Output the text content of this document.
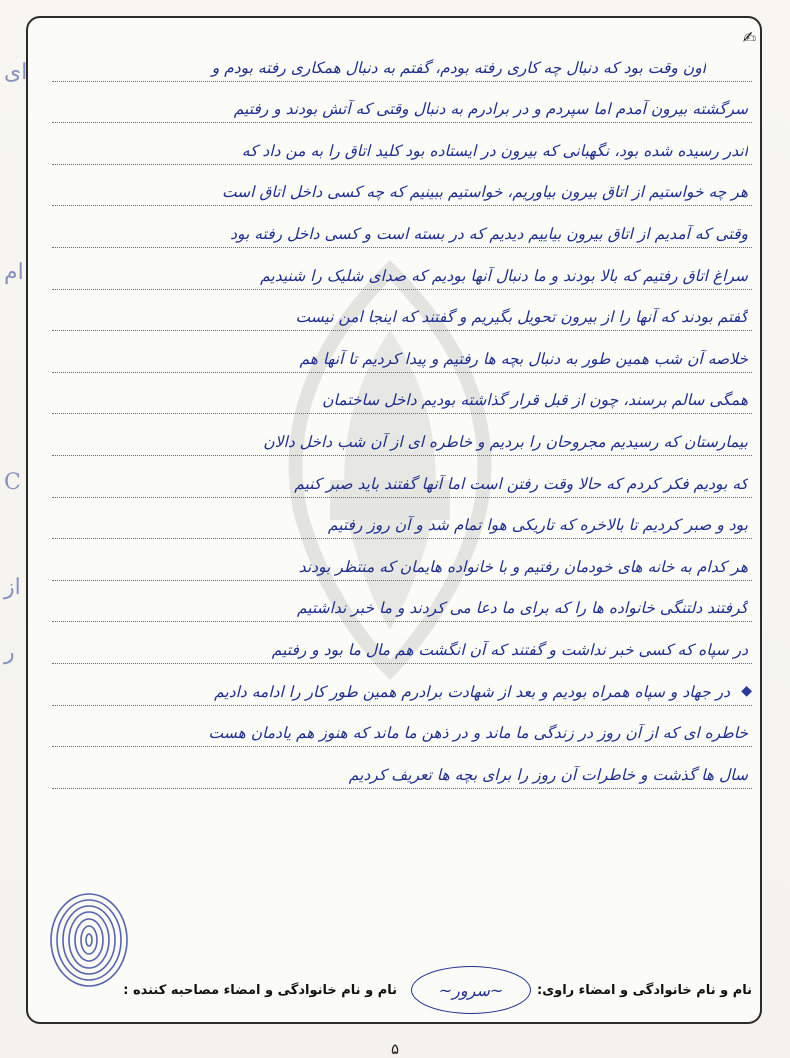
ای
ام
C
از
ر
✍
اون وقت بود که دنبال چه کاری رفته بودم، گفتم به دنبال همکاری رفته بودم و
سرگشته بیرون آمدم اما سپردم و در برادرم به دنبال وقتی که آتش بودند و رفتیم
اندر رسیده شده بود، نگهبانی که بیرون در ایستاده بود کلید اتاق را به من داد که
هر چه خواستیم از اتاق بیرون بیاوریم، خواستیم ببینیم که چه کسی داخل اتاق است
وقتی که آمدیم از اتاق بیرون بیاییم دیدیم که در بسته است و کسی داخل رفته بود
سراغ اتاق رفتیم که بالا بودند و ما دنبال آنها بودیم که صدای شلیک را شنیدیم
گفتم بودند که آنها را از بیرون تحویل بگیریم و گفتند که اینجا امن نیست
خلاصه آن شب همین طور به دنبال بچه ها رفتیم و پیدا کردیم تا آنها هم
همگی سالم برسند، چون از قبل قرار گذاشته بودیم داخل ساختمان
بیمارستان که رسیدیم مجروحان را بردیم و خاطره ای از آن شب داخل دالان
که بودیم فکر کردم که حالا وقت رفتن است اما آنها گفتند باید صبر کنیم
بود و صبر کردیم تا بالاخره که تاریکی هوا تمام شد و آن روز رفتیم
هر کدام به خانه های خودمان رفتیم و با خانواده هایمان که منتظر بودند
گرفتند دلتنگی خانواده ها را که برای ما دعا می کردند و ما خبر نداشتیم
در سپاه که کسی خبر نداشت و گفتند که آن انگشت هم مال ما بود و رفتیم
در جهاد و سپاه همراه بودیم و بعد از شهادت برادرم همین طور کار را ادامه دادیم ◆
خاطره ای که از آن روز در زندگی ما ماند و در ذهن ما ماند که هنوز هم یادمان هست
سال ها گذشت و خاطرات آن روز را برای بچه ها تعریف کردیم
نام و نام خانوادگی و امضاء راوی:
~سرور~
نام و نام خانوادگی و امضاء مصاحبه کننده :
۵
